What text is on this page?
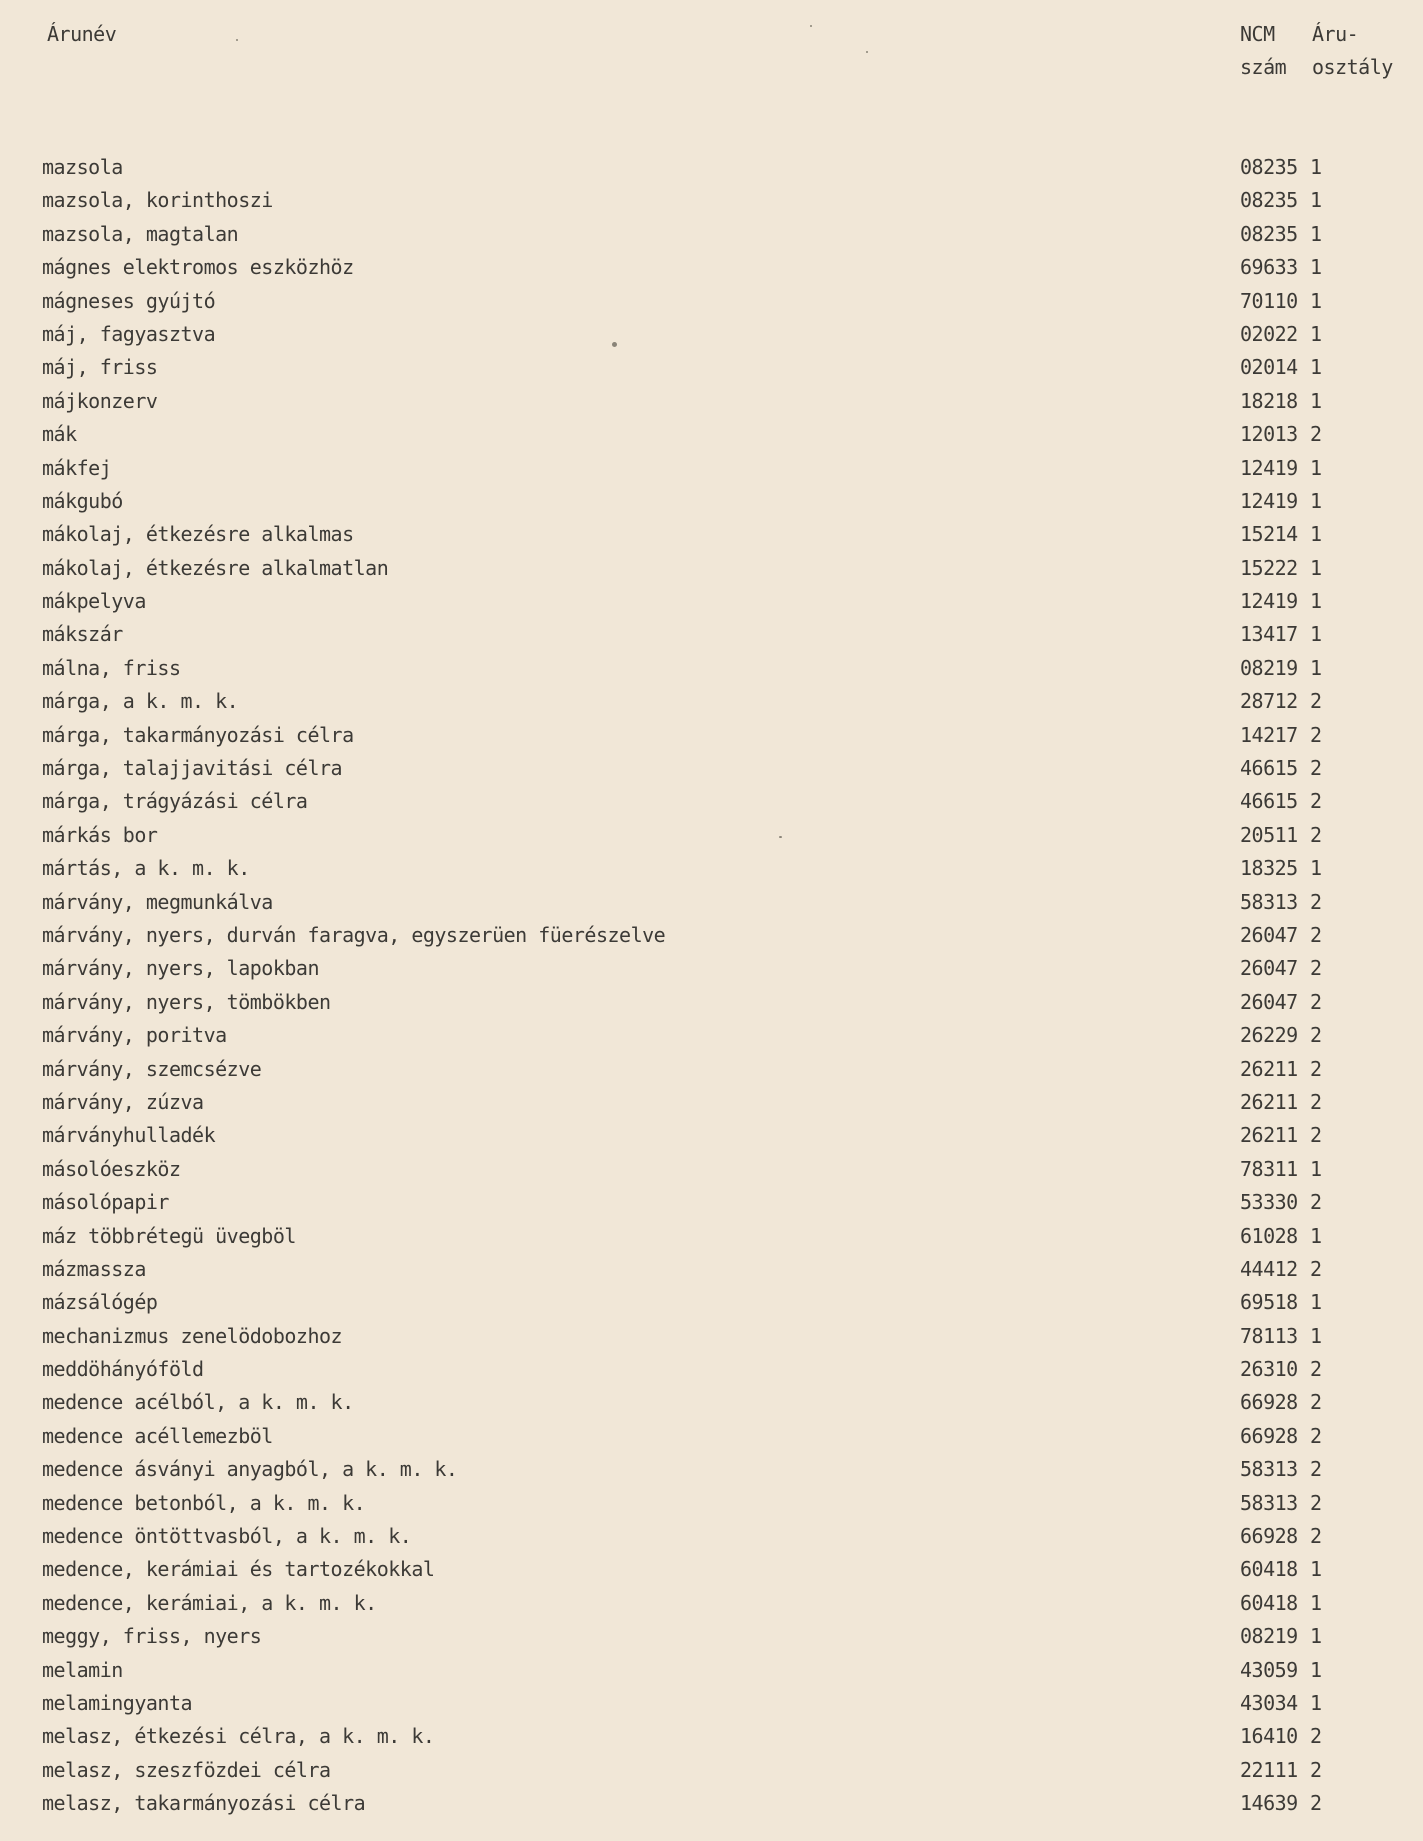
Árunév	NCM
szám
Áru-
osztály
mazsola	08235 1
mazsola, korinthoszi	08235 1
mazsola, magtalan	08235 1
mágnes elektromos eszközhöz	69633 1
mágneses gyújtó	70110 1
máj, fagyasztva	02022 1
máj, friss	02014 1
májkonzerv	18218 1
mák	12013 2
mákfej	12419 1
mákgubó	12419 1
mákolaj, étkezésre alkalmas	15214 1
mákolaj, étkezésre alkalmatlan	15222 1
mákpelyva	12419 1
mákszár	13417 1
málna, friss	08219 1
márga, a k. m. k.	28712 2
márga, takarmányozási célra	14217 2
márga, talajjavitási célra	46615 2
márga, trágyázási célra	46615 2
márkás bor	20511 2
mártás, a k. m. k.	18325 1
márvány, megmunkálva	58313 2
márvány, nyers, durván faragva, egyszerüen füerészelve	26047 2
márvány, nyers, lapokban	26047 2
márvány, nyers, tömbökben	26047 2
márvány, poritva	26229 2
márvány, szemcsézve	26211 2
márvány, zúzva	26211 2
márványhulladék	26211 2
másolóeszköz	78311 1
másolópapir	53330 2
máz többrétegü üvegböl	61028 1
mázmassza	44412 2
mázsálógép	69518 1
mechanizmus zenelödobozhoz	78113 1
meddöhányóföld	26310 2
medence acélból, a k. m. k.	66928 2
medence acéllemezböl	66928 2
medence ásványi anyagból, a k. m. k.	58313 2
medence betonból, a k. m. k.	58313 2
medence öntöttvasból, a k. m. k.	66928 2
medence, kerámiai és tartozékokkal	60418 1
medence, kerámiai, a k. m. k.	60418 1
meggy, friss, nyers	08219 1
melamin	43059 1
melamingyanta	43034 1
melasz, étkezési célra, a k. m. k.	16410 2
melasz, szeszfözdei célra	22111 2
melasz, takarmányozási célra	14639 2
